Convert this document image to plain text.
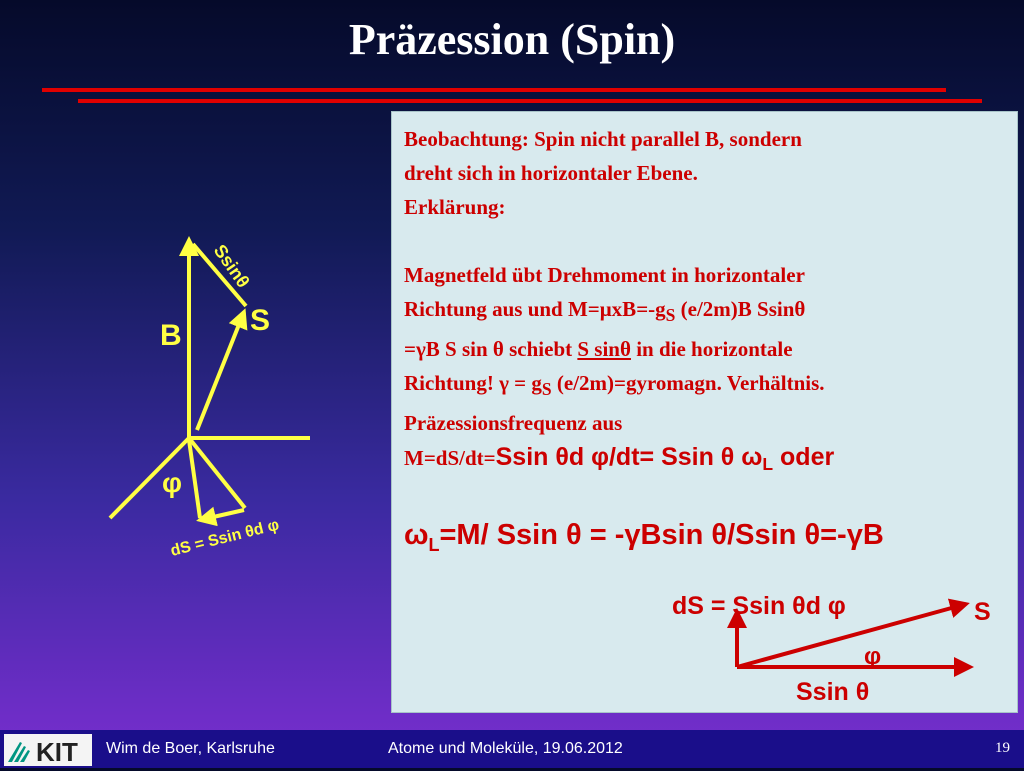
Präzession (Spin)
B S
Ssinθ
φ
dS = Ssin θd φ

Beobachtung: Spin nicht parallel B, sondern

dreht sich in horizontaler Ebene.

Erklärung:

Magnetfeld übt Drehmoment in horizontaler

Richtung aus und $M=\mu xB=-g_S$ (e/2m)B Ssinθ

=γB S sin θ schiebt S sinθ in die horizontale

Richtung! $\gamma = g_S$ (e/2m)=gyromagn. Verhältnis.

Präzessionsfrequenz aus

M=dS/dt=Ssin θd φ/dt= Ssin θ $\omega_L$ oder

$\omega_L=M/$ Ssin θ = -γBsin θ/Ssin θ=-γB

dS = Ssin θd φ	S
φ
Ssin θ
KIT Wim de Boer, Karlsruhe	Atome und Moleküle, 19.06.2012	19
